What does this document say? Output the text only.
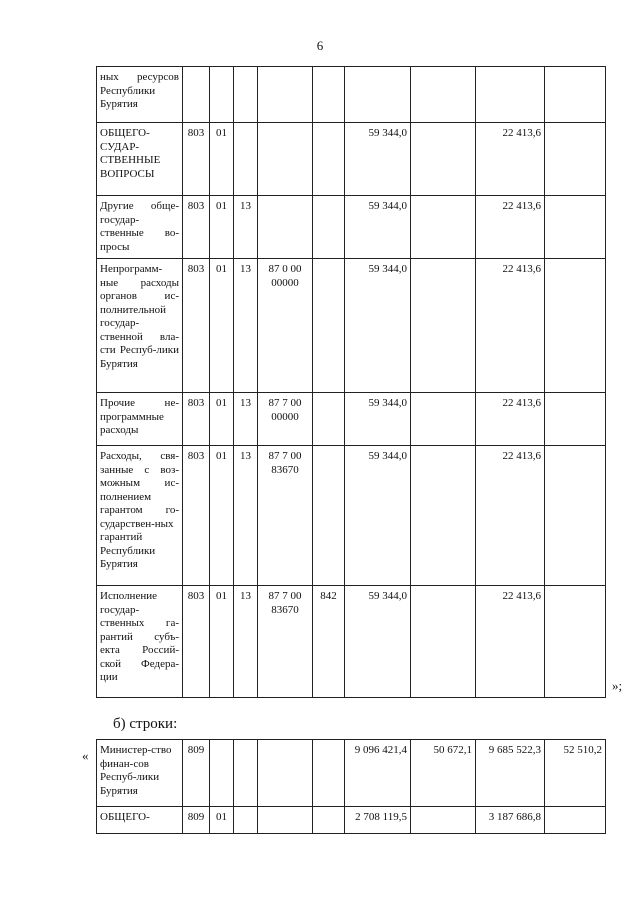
6
ных ресурсов Республики Бурятия									
ОБЩЕГО-СУДАР-СТВЕННЫЕ ВОПРОСЫ	803	01				59 344,0		22 413,6	
Другие обще-государ-ственные во-просы	803	01	13			59 344,0		22 413,6	
Непрограмм-ные расходы органов ис-полнительной государ-ственной вла-сти Респуб-лики Бурятия	803	01	13	87 0 00 00000		59 344,0		22 413,6	
Прочие не-программные расходы	803	01	13	87 7 00 00000		59 344,0		22 413,6	
Расходы, свя-занные с воз-можным ис-полнением гарантом го-сударствен-ных гарантий Республики Бурятия	803	01	13	87 7 00 83670		59 344,0		22 413,6	
Исполнение государ-ственных га-рантий субъ-екта Россий-ской Федера-ции	803	01	13	87 7 00 83670	842	59 344,0		22 413,6	
»;
б) строки:
« Министер-ство финан-сов Респуб-лики Бурятия	809					9 096 421,4	50 672,1	9 685 522,3	52 510,2
ОБЩЕГО-	809	01				2 708 119,5		3 187 686,8	
